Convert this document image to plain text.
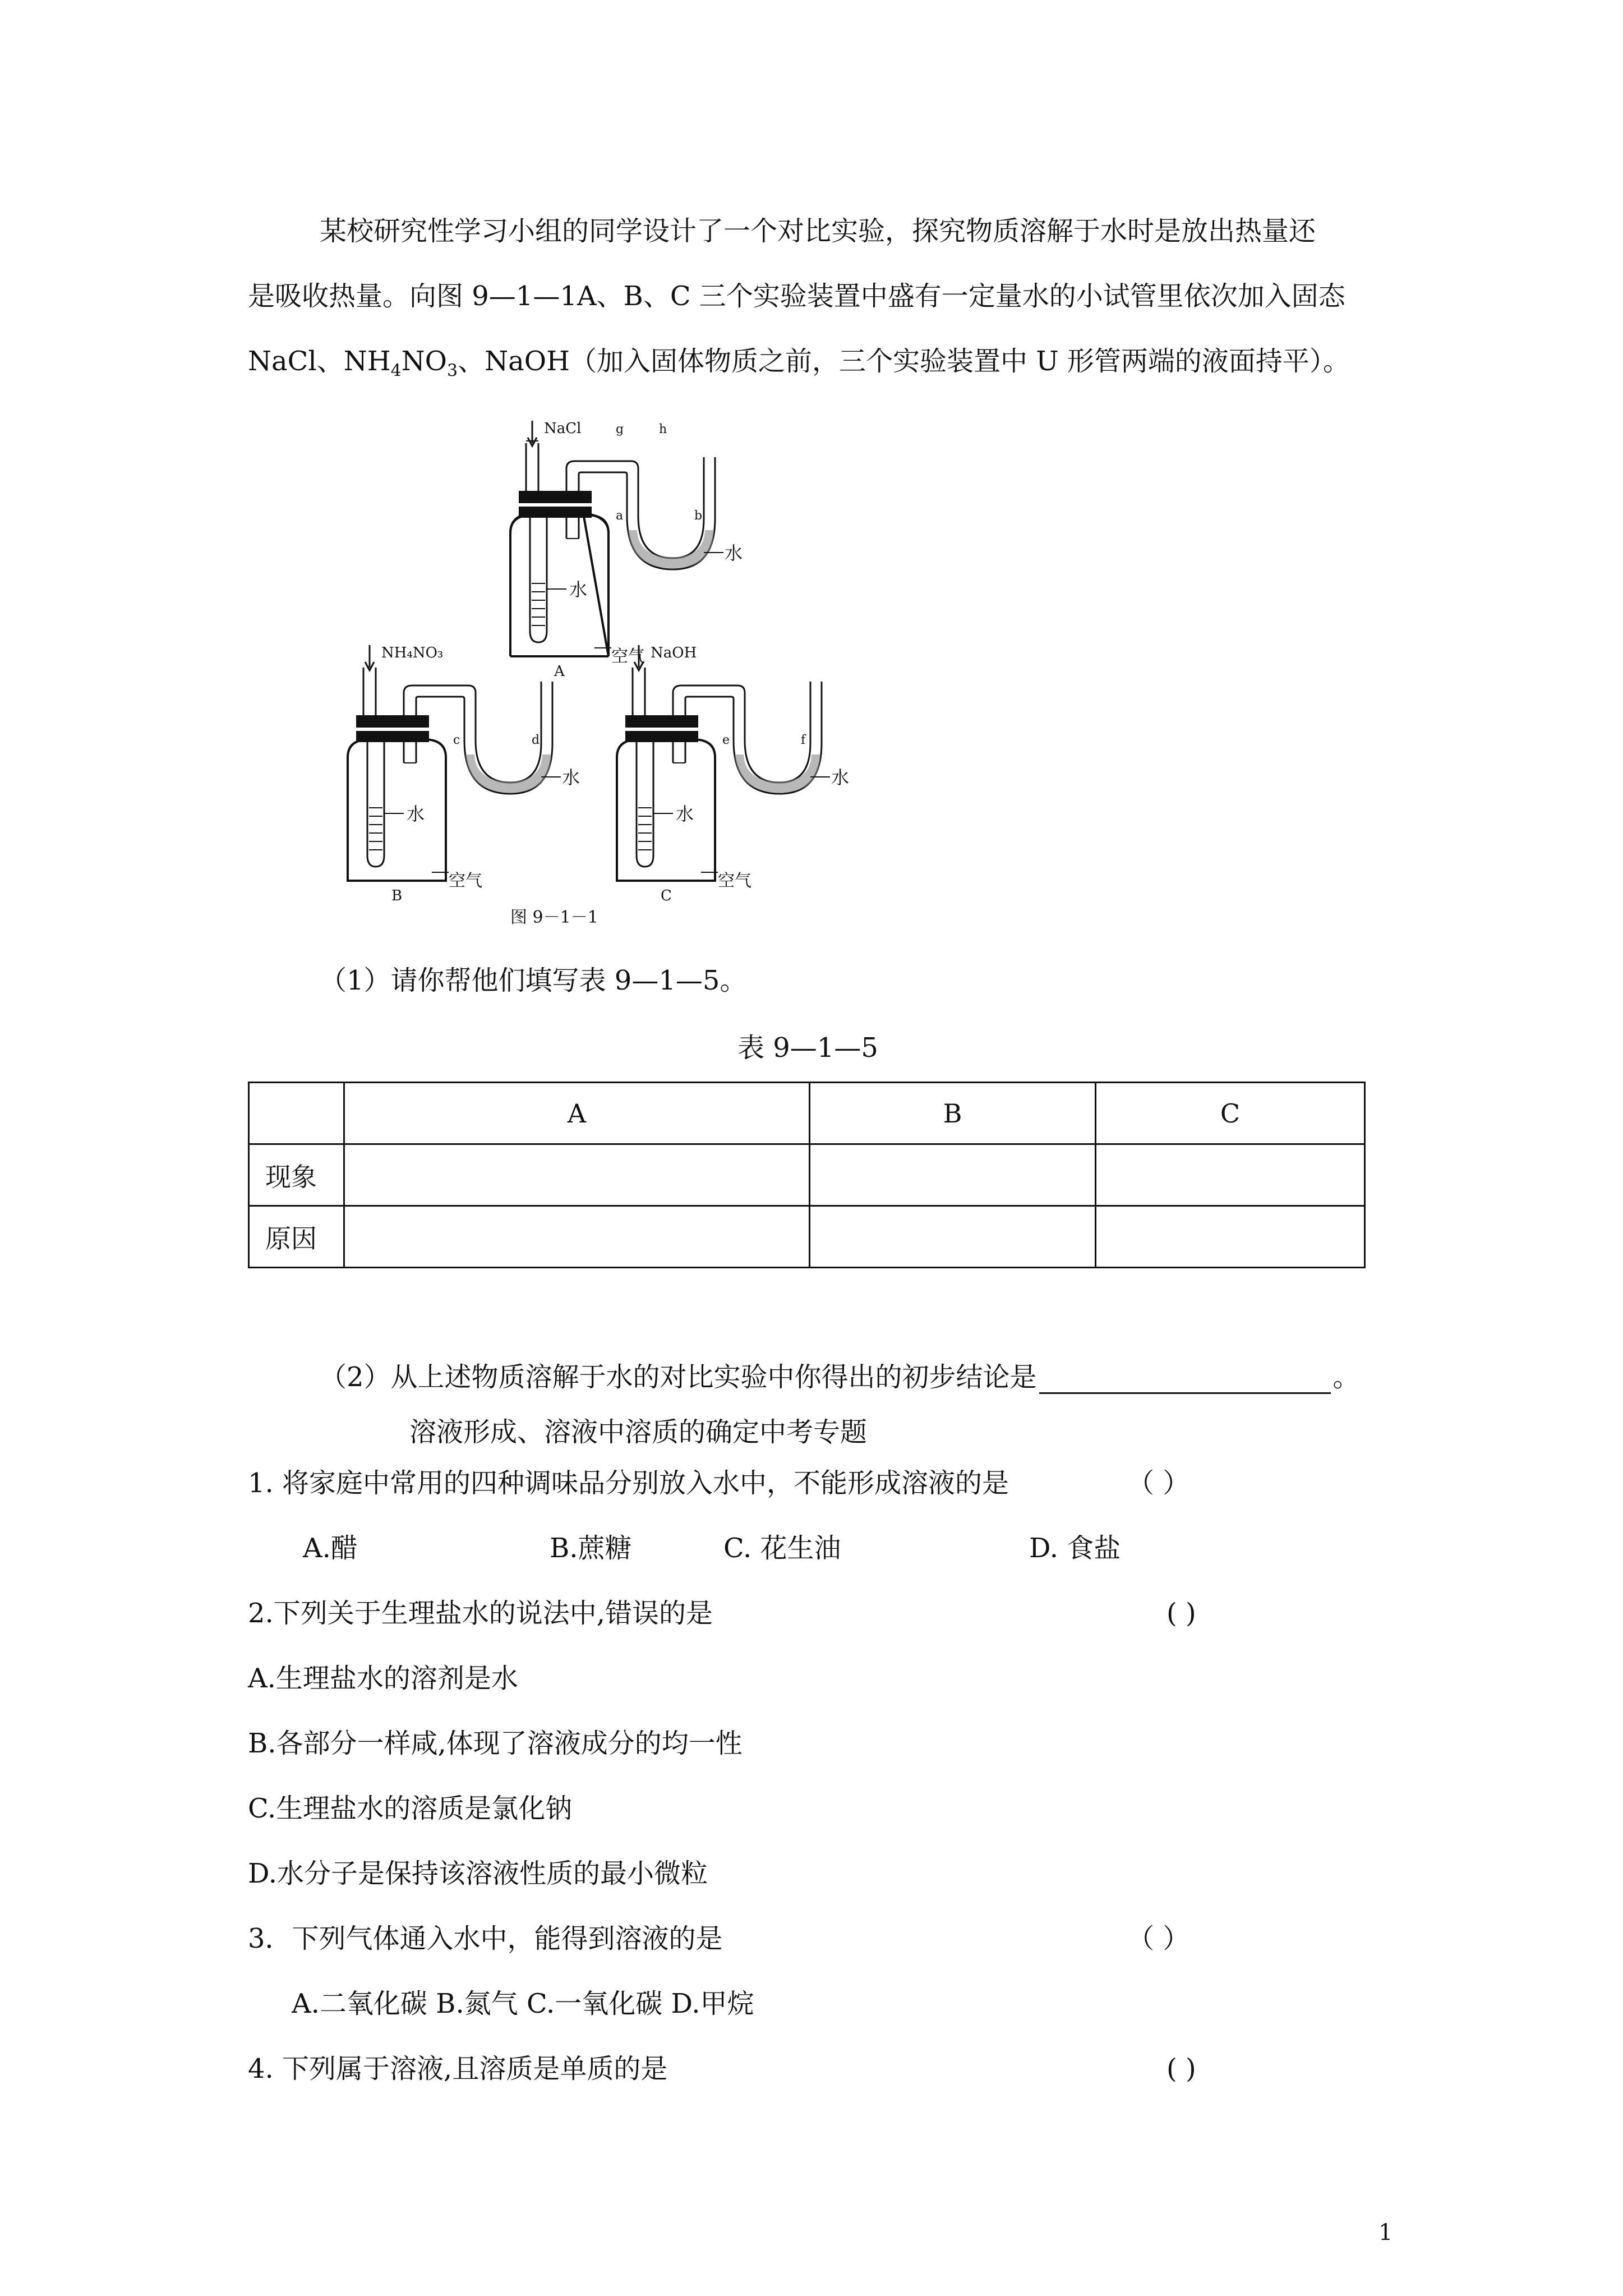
某校研究性学习小组的同学设计了一个对比实验，探究物质溶解于水时是放出热量还
是吸收热量。向图 9—1—1A、B、C 三个实验装置中盛有一定量水的小试管里依次加入固态
NaCl、$NH_4NO_3$、NaOH（加入固体物质之前，三个实验装置中 U 形管两端的液面持平）。
水
水
空气
A
NaCl	g	h
a	b
水
水
空气
B
NH₄NO₃
c	d
水
水
空气
C
NaOH
e	f
图 9－1－1
（1）请你帮他们填写表 9—1—5。
表 9—1—5
	A	B	C
现象			
原因			
（2）从上述物质溶解于水的对比实验中你得出的初步结论是	。
溶液形成、溶液中溶质的确定中考专题
1. 将家庭中常用的四种调味品分别放入水中，不能形成溶液的是	（ ）
A.醋	B.蔗糖	C. 花生油	D. 食盐
2.下列关于生理盐水的说法中,错误的是	( )
A.生理盐水的溶剂是水
B.各部分一样咸,体现了溶液成分的均一性
C.生理盐水的溶质是氯化钠
D.水分子是保持该溶液性质的最小微粒
3．下列气体通入水中，能得到溶液的是	（ ）
A.二氧化碳 B.氮气 C.一氧化碳 D.甲烷
4. 下列属于溶液,且溶质是单质的是	( )
1
